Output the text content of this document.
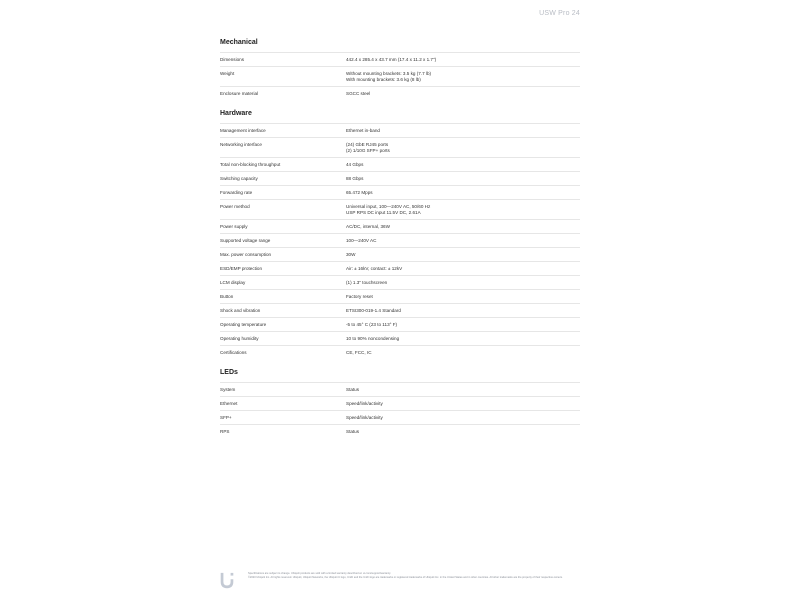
USW Pro 24
Mechanical
Dimensions	442.4 x 285.4 x 43.7 mm (17.4 x 11.2 x 1.7")
Weight	Without mounting brackets: 3.5 kg (7.7 lb)
With mounting brackets: 3.6 kg (8 lb)
Enclosure material	SGCC steel
Hardware
Management interface	Ethernet in-band
Networking interface	(24) GbE RJ45 ports
(2) 1/10G SFP+ ports
Total non-blocking throughput	44 Gbps
Switching capacity	88 Gbps
Forwarding rate	65.472 Mpps
Power method	Universal input, 100—240V AC, 50/60 Hz
USP RPS DC input 11.5V DC, 2.61A
Power supply	AC/DC, internal, 36W
Supported voltage range	100—240V AC
Max. power consumption	30W
ESD/EMP protection	Air: ± 16kV, contact: ± 12kV
LCM display	(1) 1.3" touchscreen
Button	Factory reset
Shock and vibration	ETSI300-019-1.4 Standard
Operating temperature	-5 to 45° C (23 to 113° F)
Operating humidity	10 to 90% noncondensing
Certifications	CE, FCC, IC
LEDs
System	Status
Ethernet	Speed/link/activity
SFP+	Speed/link/activity
RPS	Status
Specifications are subject to change. Ubiquiti products are sold with a limited warranty described at: ui.com/support/warranty
©2020 Ubiquiti Inc. All rights reserved. Ubiquiti, Ubiquiti Networks, the Ubiquiti U logo, UniFi and the UniFi logo are trademarks or registered trademarks of Ubiquiti Inc. in the United States and in other countries. All other trademarks are the property of their respective owners.
